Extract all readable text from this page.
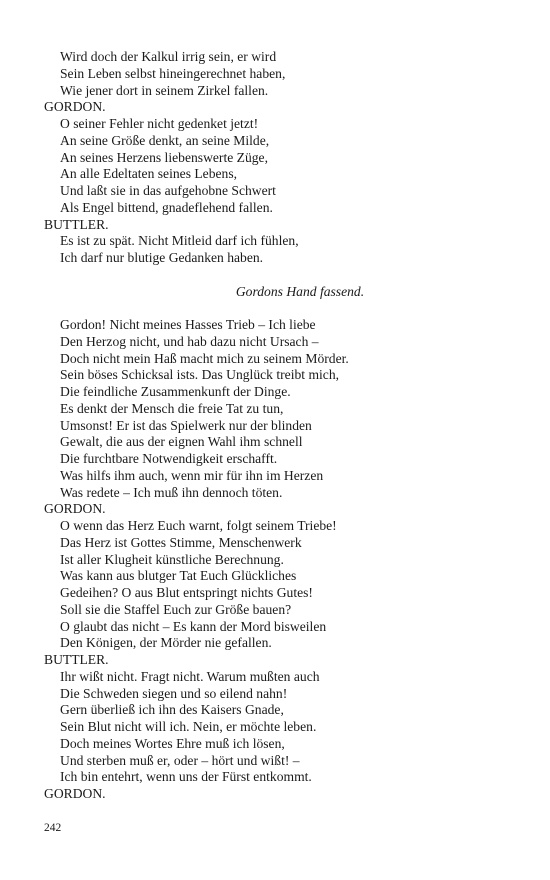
Wird doch der Kalkul irrig sein, er wird
Sein Leben selbst hineingerechnet haben,
Wie jener dort in seinem Zirkel fallen.
GORDON.
O seiner Fehler nicht gedenket jetzt!
An seine Größe denkt, an seine Milde,
An seines Herzens liebenswerte Züge,
An alle Edeltaten seines Lebens,
Und laßt sie in das aufgehobne Schwert
Als Engel bittend, gnadeflehend fallen.
BUTTLER.
Es ist zu spät. Nicht Mitleid darf ich fühlen,
Ich darf nur blutige Gedanken haben.
Gordons Hand fassend.
Gordon! Nicht meines Hasses Trieb – Ich liebe
Den Herzog nicht, und hab dazu nicht Ursach –
Doch nicht mein Haß macht mich zu seinem Mörder.
Sein böses Schicksal ists. Das Unglück treibt mich,
Die feindliche Zusammenkunft der Dinge.
Es denkt der Mensch die freie Tat zu tun,
Umsonst! Er ist das Spielwerk nur der blinden
Gewalt, die aus der eignen Wahl ihm schnell
Die furchtbare Notwendigkeit erschafft.
Was hilfs ihm auch, wenn mir für ihn im Herzen
Was redete – Ich muß ihn dennoch töten.
GORDON.
O wenn das Herz Euch warnt, folgt seinem Triebe!
Das Herz ist Gottes Stimme, Menschenwerk
Ist aller Klugheit künstliche Berechnung.
Was kann aus blutger Tat Euch Glückliches
Gedeihen? O aus Blut entspringt nichts Gutes!
Soll sie die Staffel Euch zur Größe bauen?
O glaubt das nicht – Es kann der Mord bisweilen
Den Königen, der Mörder nie gefallen.
BUTTLER.
Ihr wißt nicht. Fragt nicht. Warum mußten auch
Die Schweden siegen und so eilend nahn!
Gern überließ ich ihn des Kaisers Gnade,
Sein Blut nicht will ich. Nein, er möchte leben.
Doch meines Wortes Ehre muß ich lösen,
Und sterben muß er, oder – hört und wißt! –
Ich bin entehrt, wenn uns der Fürst entkommt.
GORDON.
242
